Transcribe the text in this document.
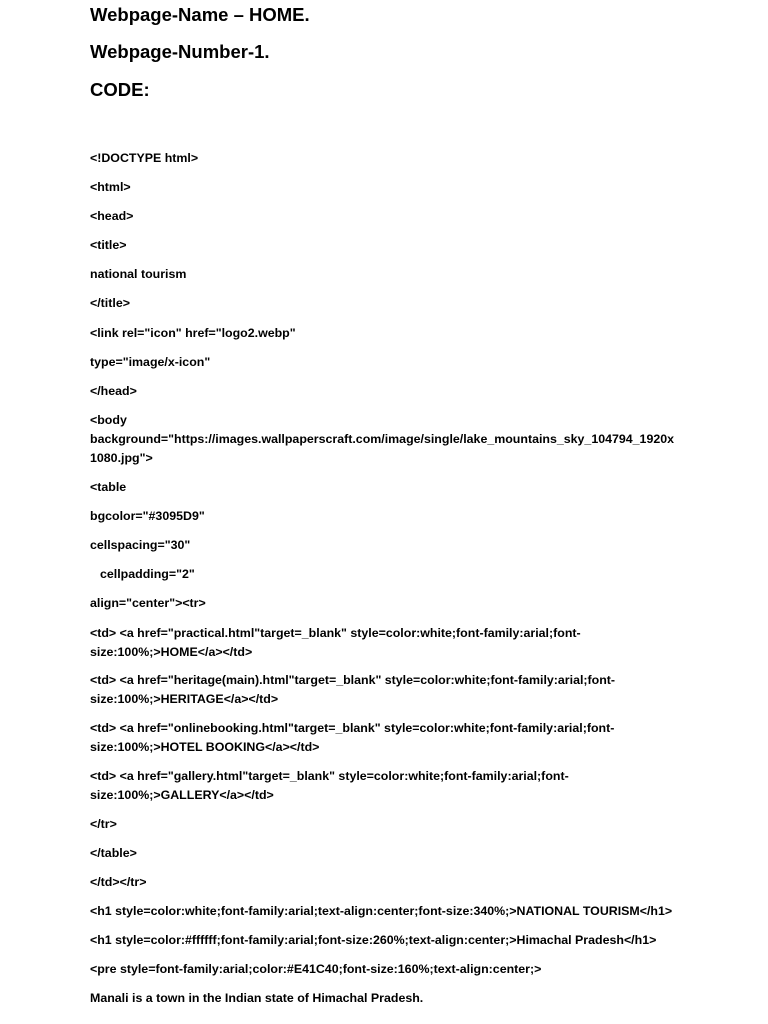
Webpage-Name – HOME.
Webpage-Number-1.
CODE:
<!DOCTYPE html>
<html>
<head>
<title>
national tourism
</title>
<link rel="icon" href="logo2.webp"
type="image/x-icon"
</head>
<body
background="https://images.wallpaperscraft.com/image/single/lake_mountains_sky_104794_1920x
1080.jpg">
<table
bgcolor="#3095D9"
cellspacing="30"
cellpadding="2"
align="center"><tr>
<td> <a href="practical.html"target=_blank" style=color:white;font-family:arial;font-
size:100%;>HOME</a></td>
<td> <a href="heritage(main).html"target=_blank" style=color:white;font-family:arial;font-
size:100%;>HERITAGE</a></td>
<td> <a href="onlinebooking.html"target=_blank" style=color:white;font-family:arial;font-
size:100%;>HOTEL BOOKING</a></td>
<td> <a href="gallery.html"target=_blank" style=color:white;font-family:arial;font-
size:100%;>GALLERY</a></td>
</tr>
</table>
</td></tr>
<h1 style=color:white;font-family:arial;text-align:center;font-size:340%;>NATIONAL TOURISM</h1>
<h1 style=color:#ffffff;font-family:arial;font-size:260%;text-align:center;>Himachal Pradesh</h1>
<pre style=font-family:arial;color:#E41C40;font-size:160%;text-align:center;>
Manali is a town in the Indian state of Himachal Pradesh.
